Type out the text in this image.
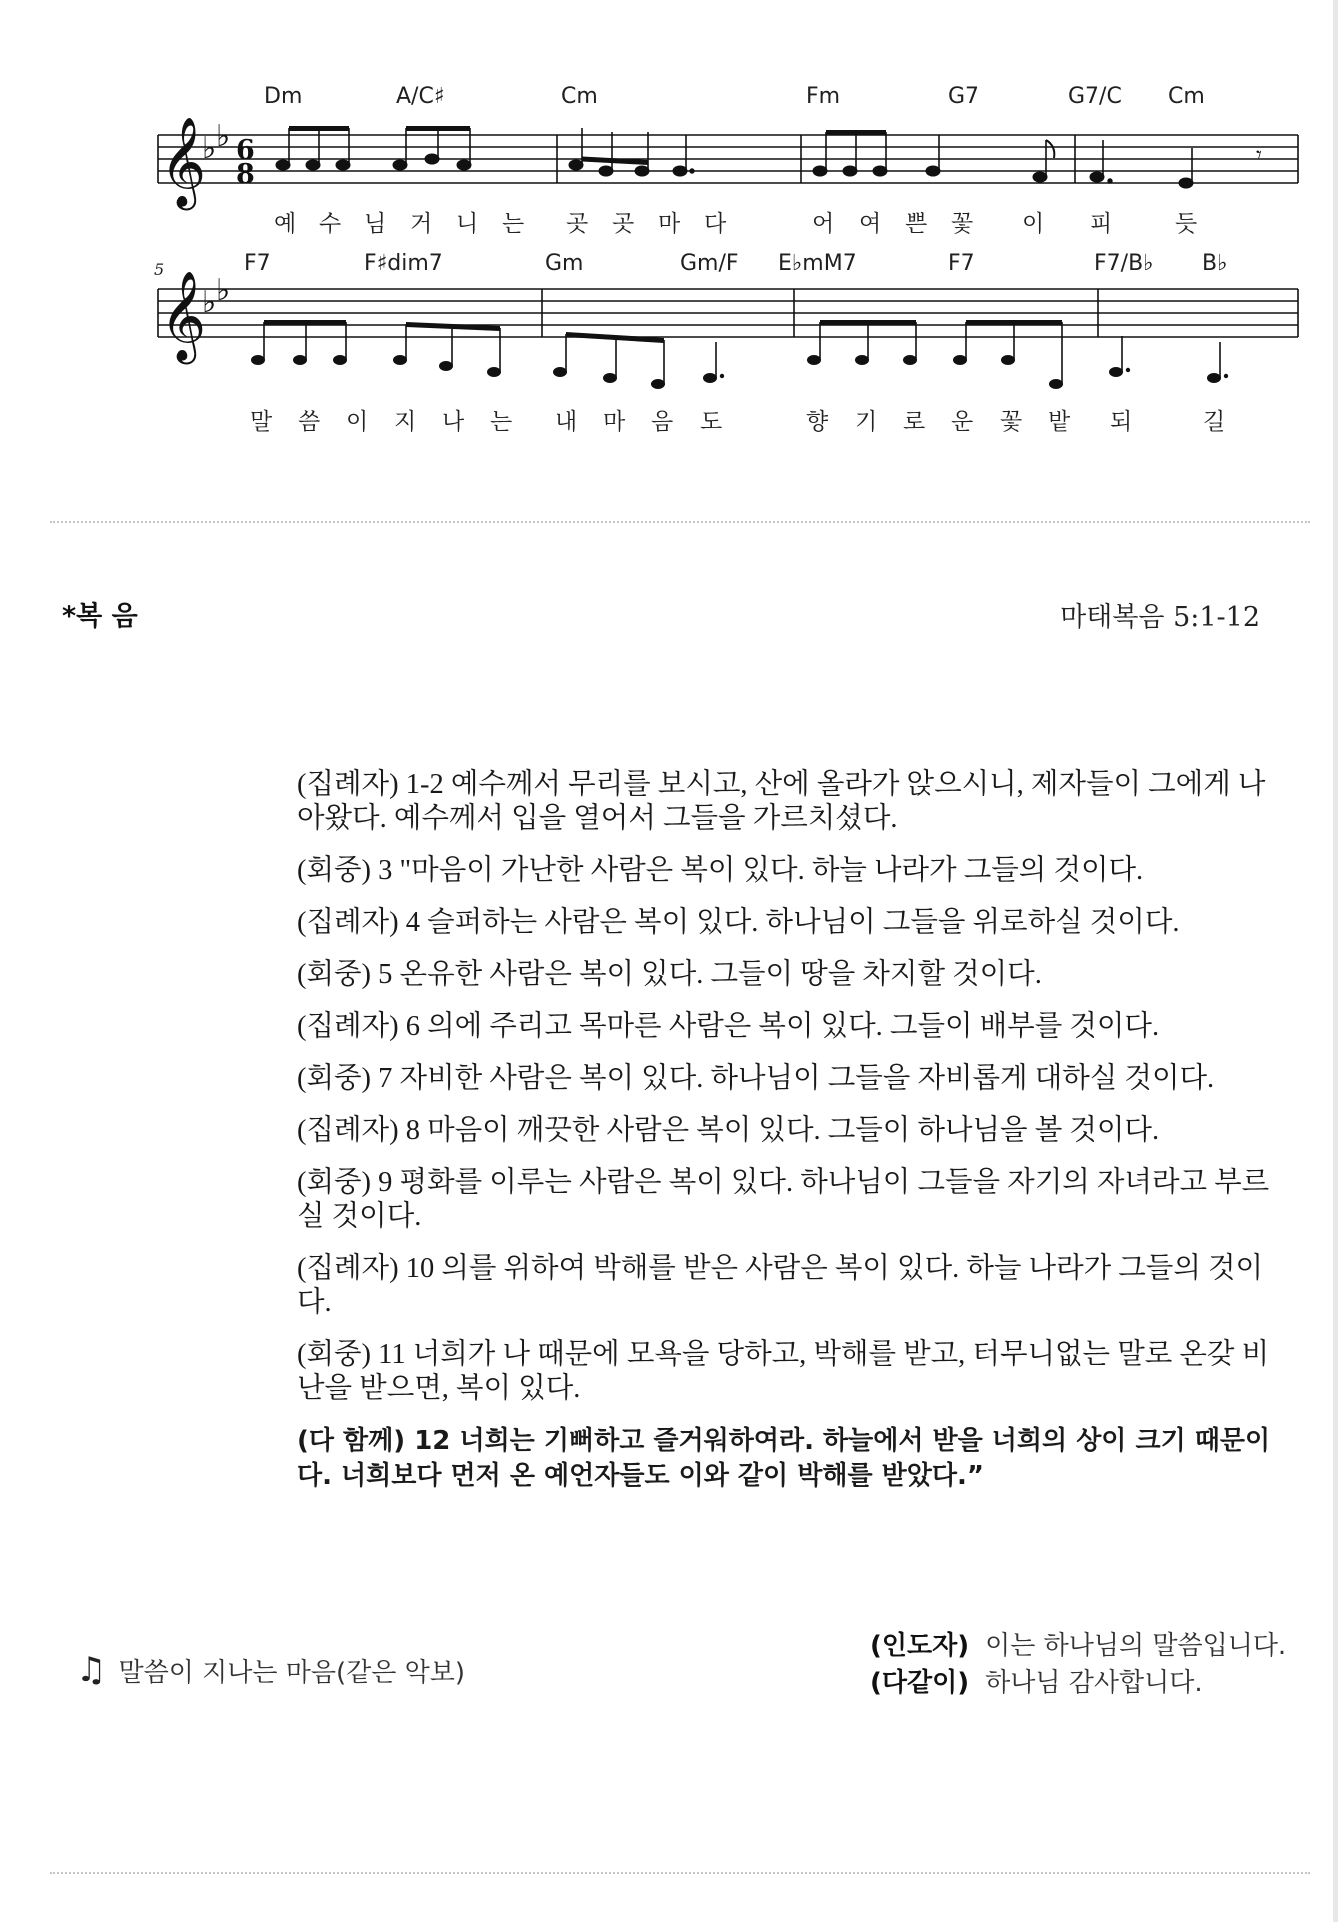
Dm	A/C♯	Cm	Fm	G7	G7/C Cm
𝄞
♭ ♭ 6
8
𝄾
예 수 님 거 니 는 곳 곳 마 다	어 여 쁜 꽃 이 피	듯
5	F7	F♯dim7	Gm	Gm/F E♭mM7	F7	F7/B♭ B♭
𝄞
♭ ♭
말 씀 이 지 나 는 내 마 음 도	향 기 로 운 꽃 밭 되	길
*복 음	마태복음 5:1-12

(집례자) 1-2 예수께서 무리를 보시고, 산에 올라가 앉으시니, 제자들이 그에게 나아왔다. 예수께서 입을 열어서 그들을 가르치셨다.

(회중) 3 "마음이 가난한 사람은 복이 있다. 하늘 나라가 그들의 것이다.

(집례자) 4 슬퍼하는 사람은 복이 있다. 하나님이 그들을 위로하실 것이다.

(회중) 5 온유한 사람은 복이 있다. 그들이 땅을 차지할 것이다.

(집례자) 6 의에 주리고 목마른 사람은 복이 있다. 그들이 배부를 것이다.

(회중) 7 자비한 사람은 복이 있다. 하나님이 그들을 자비롭게 대하실 것이다.

(집례자) 8 마음이 깨끗한 사람은 복이 있다. 그들이 하나님을 볼 것이다.

(회중) 9 평화를 이루는 사람은 복이 있다. 하나님이 그들을 자기의 자녀라고 부르실 것이다.

(집례자) 10 의를 위하여 박해를 받은 사람은 복이 있다. 하늘 나라가 그들의 것이다.

(회중) 11 너희가 나 때문에 모욕을 당하고, 박해를 받고, 터무니없는 말로 온갖 비난을 받으면, 복이 있다.

(다 함께) 12 너희는 기뻐하고 즐거워하여라. 하늘에서 받을 너희의 상이 크기 때문이다. 너희보다 먼저 온 예언자들도 이와 같이 박해를 받았다.”

♫ 말씀이 지나는 마음(같은 악보)
(인도자) 이는 하나님의 말씀입니다.
(다같이) 하나님 감사합니다.
